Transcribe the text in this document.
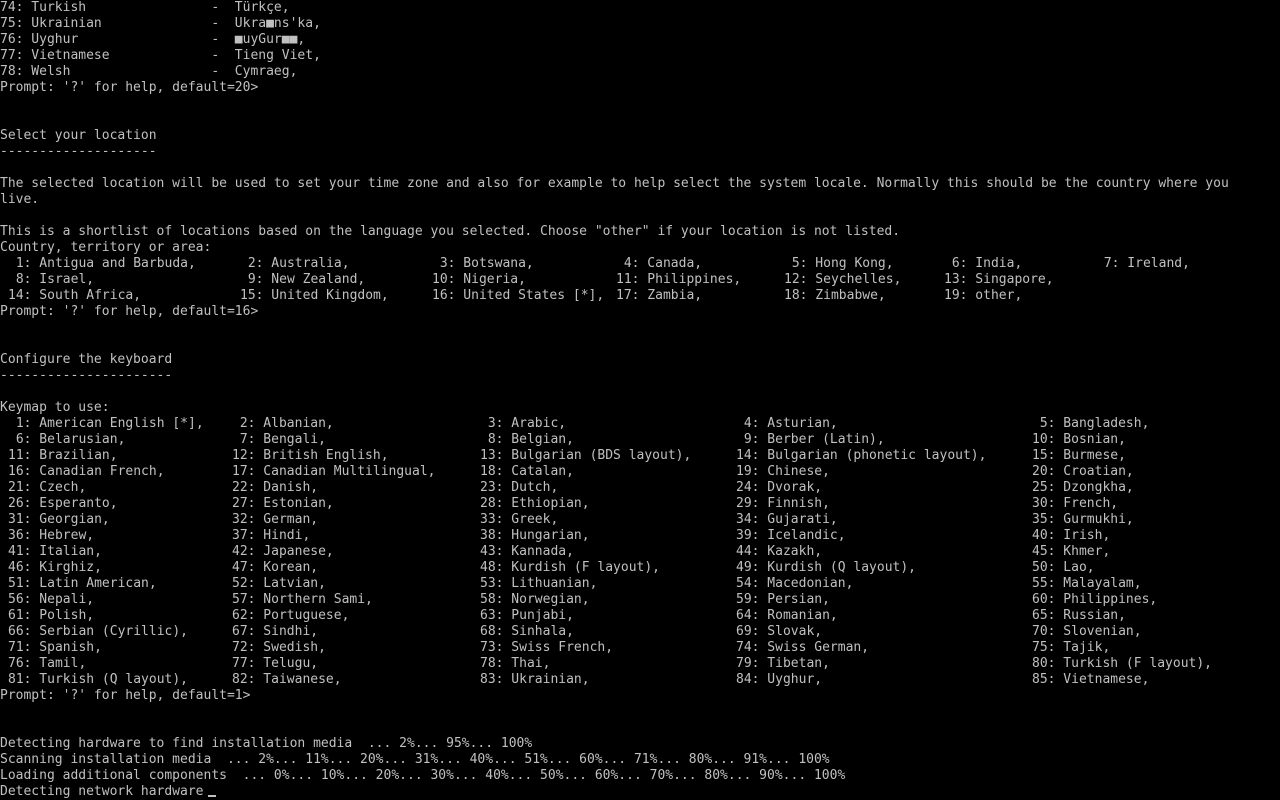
74: Turkish                -  Türkçe,
75: Ukrainian              -  Ukra■ns'ka,
76: Uyghur                 -  ■uyGur■■,
77: Vietnamese             -  Tieng Viet,
78: Welsh                  -  Cymraeg,
Prompt: '?' for help, default=20>
Select your location
--------------------
The selected location will be used to set your time zone and also for example to help select the system locale. Normally this should be the country where you
live.
This is a shortlist of locations based on the language you selected. Choose "other" if your location is not listed.
Country, territory or area:
1: Antigua and Barbuda,	2: Australia,	3: Botswana,	4: Canada,	5: Hong Kong,	6: India,	7: Ireland,
8: Israel,	9: New Zealand,	10: Nigeria,	11: Philippines,	12: Seychelles,	13: Singapore,
14: South Africa,	15: United Kingdom,	16: United States [*], 17: Zambia,	18: Zimbabwe,	19: other,
Prompt: '?' for help, default=16>
Configure the keyboard
----------------------
Keymap to use:
1: American English [*], 2: Albanian,	3: Arabic,	4: Asturian,	5: Bangladesh,
6: Belarusian,	7: Bengali,	8: Belgian,	9: Berber (Latin),	10: Bosnian,
11: Brazilian,	12: British English,	13: Bulgarian (BDS layout),	14: Bulgarian (phonetic layout),	15: Burmese,
16: Canadian French,	17: Canadian Multilingual,	18: Catalan,	19: Chinese,	20: Croatian,
21: Czech,	22: Danish,	23: Dutch,	24: Dvorak,	25: Dzongkha,
26: Esperanto,	27: Estonian,	28: Ethiopian,	29: Finnish,	30: French,
31: Georgian,	32: German,	33: Greek,	34: Gujarati,	35: Gurmukhi,
36: Hebrew,	37: Hindi,	38: Hungarian,	39: Icelandic,	40: Irish,
41: Italian,	42: Japanese,	43: Kannada,	44: Kazakh,	45: Khmer,
46: Kirghiz,	47: Korean,	48: Kurdish (F layout),	49: Kurdish (Q layout),	50: Lao,
51: Latin American,	52: Latvian,	53: Lithuanian,	54: Macedonian,	55: Malayalam,
56: Nepali,	57: Northern Sami,	58: Norwegian,	59: Persian,	60: Philippines,
61: Polish,	62: Portuguese,	63: Punjabi,	64: Romanian,	65: Russian,
66: Serbian (Cyrillic),	67: Sindhi,	68: Sinhala,	69: Slovak,	70: Slovenian,
71: Spanish,	72: Swedish,	73: Swiss French,	74: Swiss German,	75: Tajik,
76: Tamil,	77: Telugu,	78: Thai,	79: Tibetan,	80: Turkish (F layout),
81: Turkish (Q layout),	82: Taiwanese,	83: Ukrainian,	84: Uyghur,	85: Vietnamese,
Prompt: '?' for help, default=1>
Detecting hardware to find installation media  ... 2%... 95%... 100%
Scanning installation media  ... 2%... 11%... 20%... 31%... 40%... 51%... 60%... 71%... 80%... 91%... 100%
Loading additional components  ... 0%... 10%... 20%... 30%... 40%... 50%... 60%... 70%... 80%... 90%... 100%
Detecting network hardware
